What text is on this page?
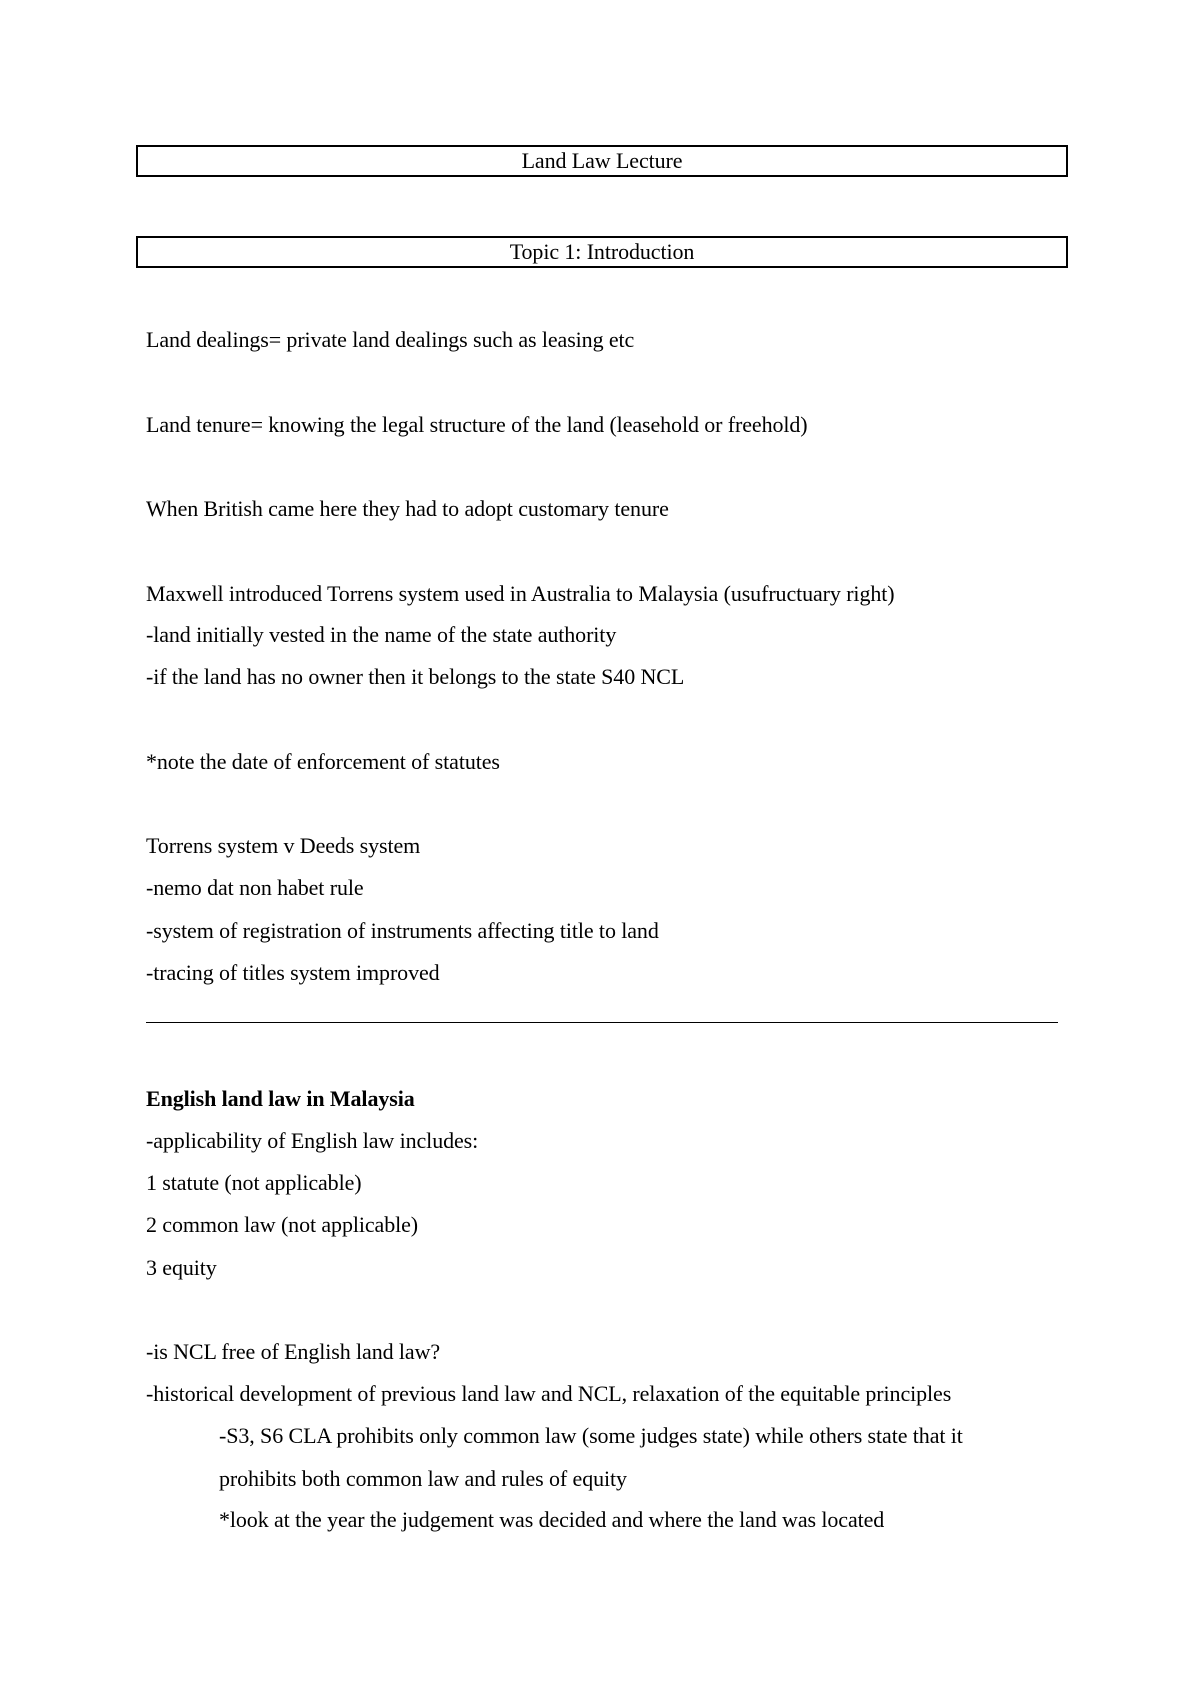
Land Law Lecture
Topic 1: Introduction
Land dealings= private land dealings such as leasing etc
Land tenure= knowing the legal structure of the land (leasehold or freehold)
When British came here they had to adopt customary tenure
Maxwell introduced Torrens system used in Australia to Malaysia (usufructuary right)
-land initially vested in the name of the state authority
-if the land has no owner then it belongs to the state S40 NCL
*note the date of enforcement of statutes
Torrens system v Deeds system
-nemo dat non habet rule
-system of registration of instruments affecting title to land
-tracing of titles system improved
English land law in Malaysia
-applicability of English law includes:
1 statute (not applicable)
2 common law (not applicable)
3 equity
-is NCL free of English land law?
-historical development of previous land law and NCL, relaxation of the equitable principles
-S3, S6 CLA prohibits only common law (some judges state) while others state that it
prohibits both common law and rules of equity
*look at the year the judgement was decided and where the land was located
